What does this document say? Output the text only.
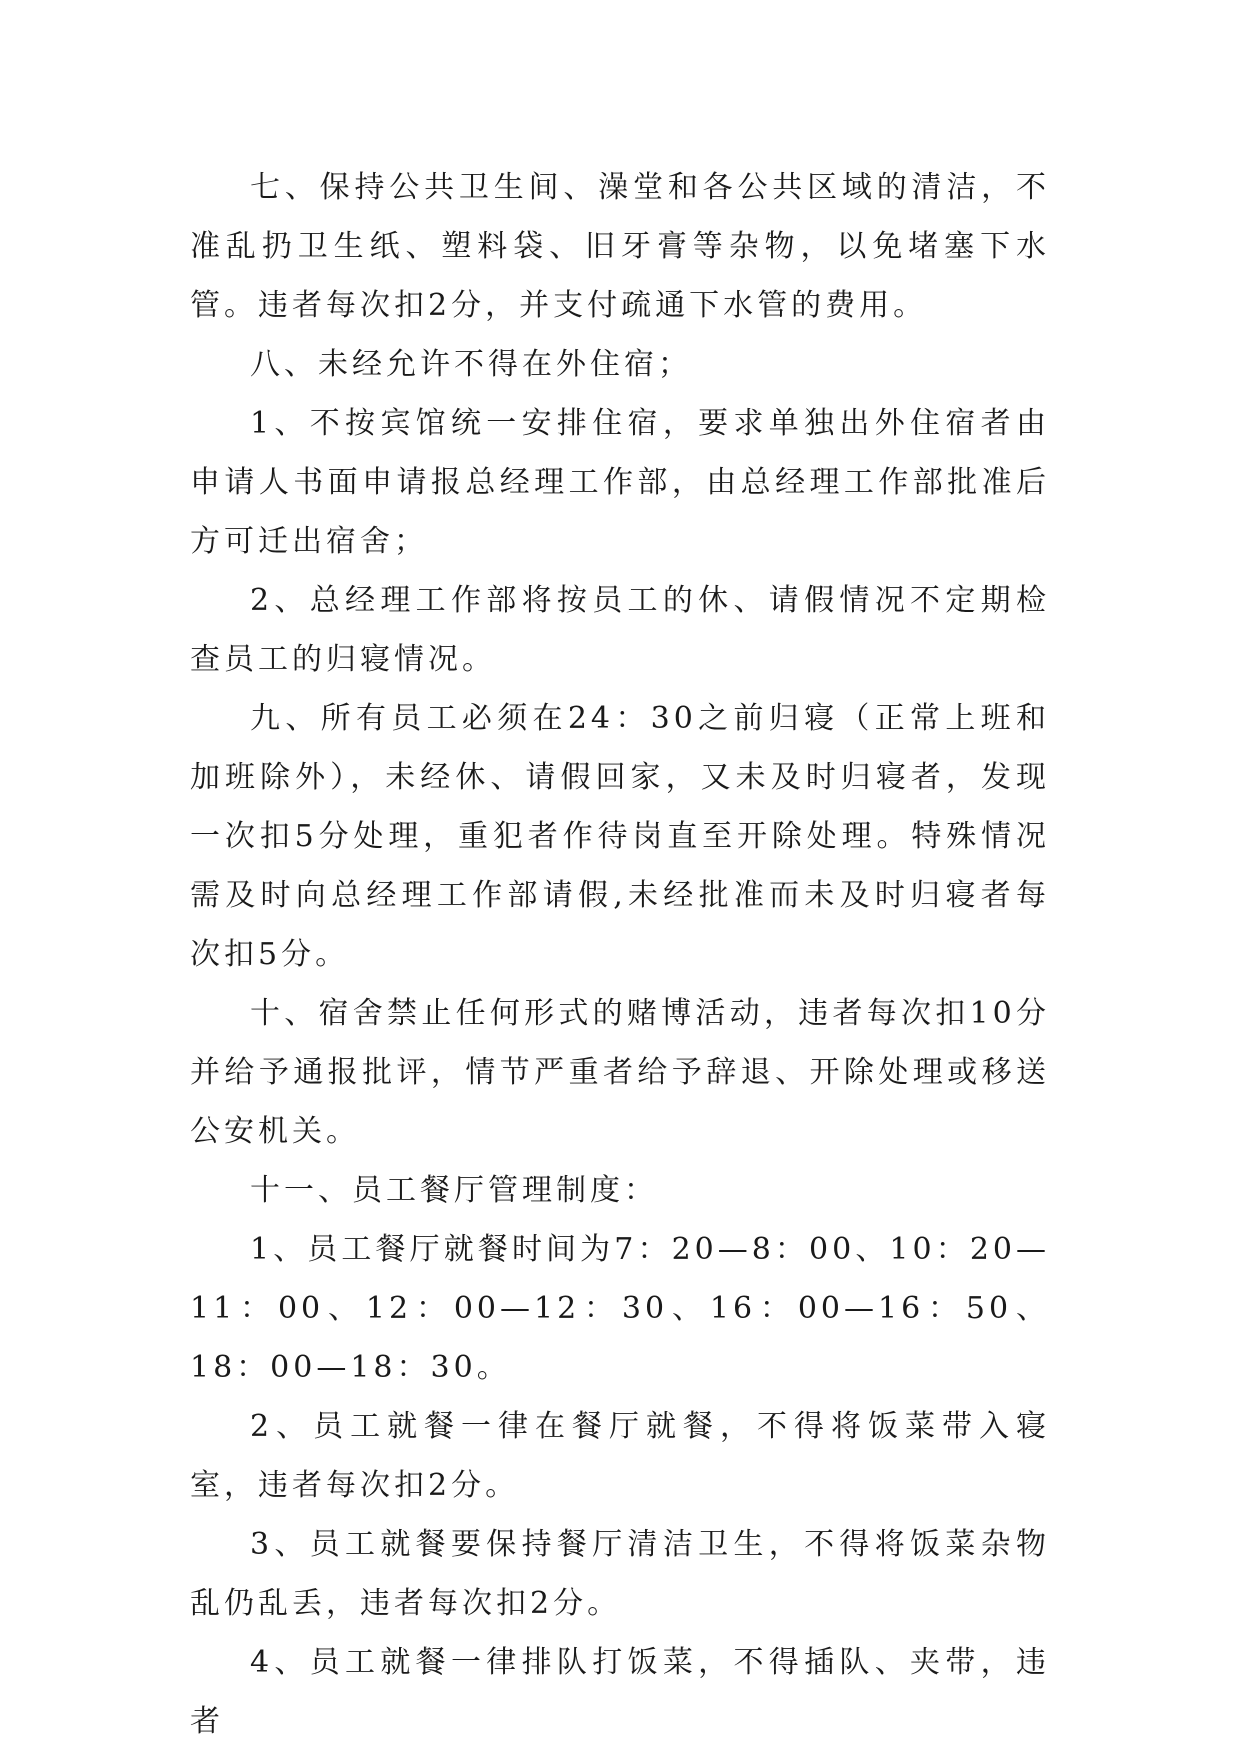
七、保持公共卫生间、澡堂和各公共区域的清洁，不准乱扔卫生纸、塑料袋、旧牙膏等杂物，以免堵塞下水管。违者每次扣2分，并支付疏通下水管的费用。

八、未经允许不得在外住宿；

1、不按宾馆统一安排住宿，要求单独出外住宿者由申请人书面申请报总经理工作部，由总经理工作部批准后方可迁出宿舍；

2、总经理工作部将按员工的休、请假情况不定期检查员工的归寝情况。

九、所有员工必须在24：30之前归寝（正常上班和加班除外），未经休、请假回家，又未及时归寝者，发现一次扣5分处理，重犯者作待岗直至开除处理。特殊情况需及时向总经理工作部请假,未经批准而未及时归寝者每次扣5分。

十、宿舍禁止任何形式的赌博活动，违者每次扣10分并给予通报批评，情节严重者给予辞退、开除处理或移送公安机关。

十一、员工餐厅管理制度：

1、员工餐厅就餐时间为7：20—8：00、10：20—11：00、12：00—12：30、16：00—16：50、18：00—18：30。

2、员工就餐一律在餐厅就餐，不得将饭菜带入寝室，违者每次扣2分。

3、员工就餐要保持餐厅清洁卫生，不得将饭菜杂物乱仍乱丢，违者每次扣2分。

4、员工就餐一律排队打饭菜，不得插队、夹带，违者
